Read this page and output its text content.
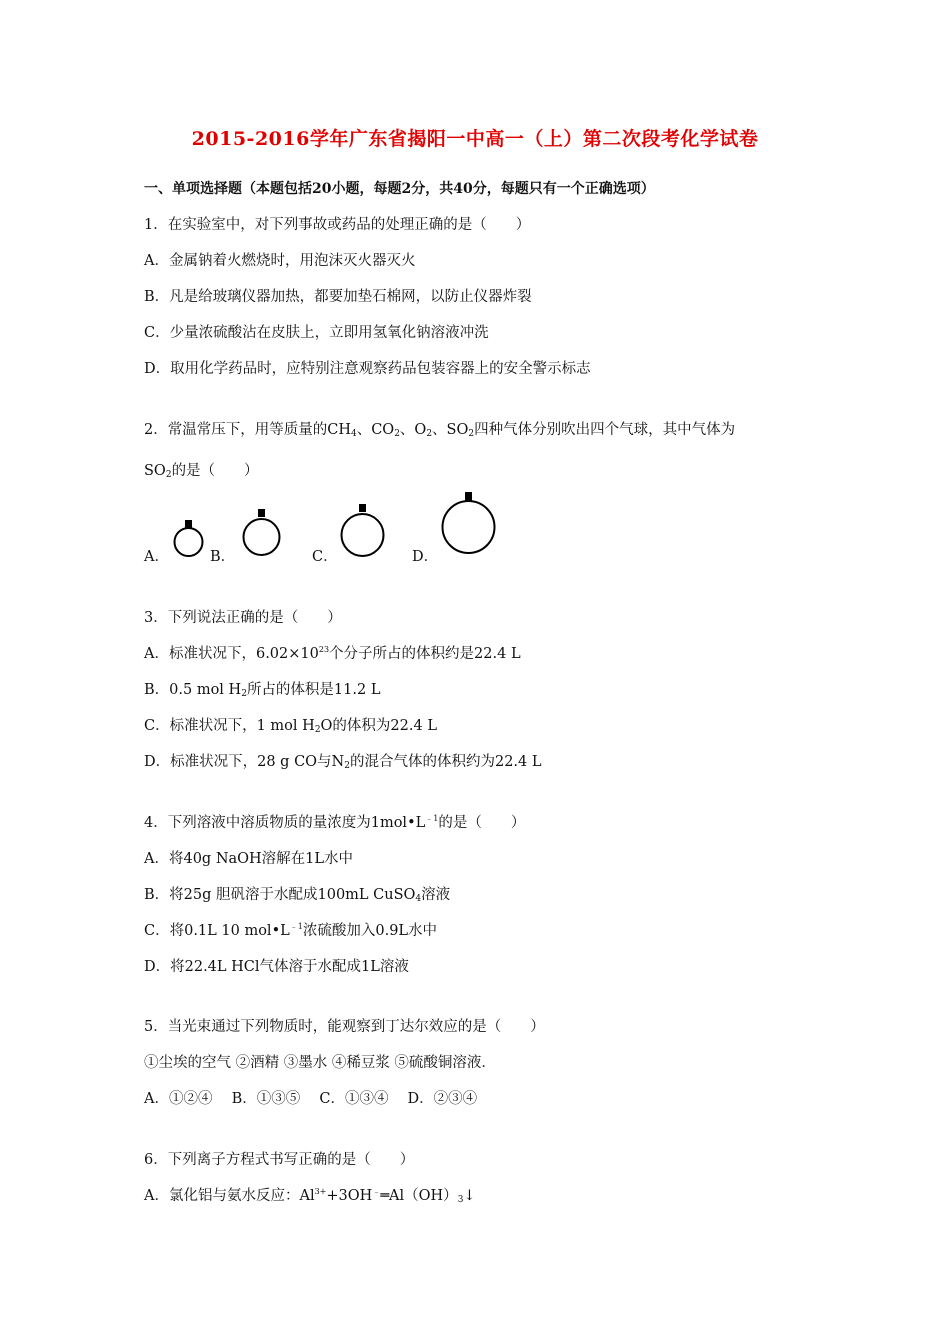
2015-2016学年广东省揭阳一中高一（上）第二次段考化学试卷
一、单项选择题（本题包括20小题，每题2分，共40分，每题只有一个正确选项）
1．在实验室中，对下列事故或药品的处理正确的是（　　）
A．金属钠着火燃烧时，用泡沫灭火器灭火
B．凡是给玻璃仪器加热，都要加垫石棉网，以防止仪器炸裂
C．少量浓硫酸沾在皮肤上，立即用氢氧化钠溶液冲洗
D．取用化学药品时，应特别注意观察药品包装容器上的安全警示标志
2．常温常压下，用等质量的$CH_4$、$CO_2$、$O_2$、$SO_2$四种气体分别吹出四个气球，其中气体为
$SO_2$的是（　　）
A．	B．	C．	D．
3．下列说法正确的是（　　）
A．标准状况下，$6.02\times 10^{23}$个分子所占的体积约是22.4 L
B．0.5 mol $H_2$所占的体积是11.2 L
C．标准状况下，1 mol $H_2O$的体积为22.4 L
D．标准状况下，28 g CO与$N_2$的混合气体的体积约为22.4 L
4．下列溶液中溶质物质的量浓度为$1mol•L^{﹣1}$的是（　　）
A．将40g NaOH溶解在1L水中
B．将25g 胆矾溶于水配成100mL CuSO$_4$溶液
C．将0.1L 10 $mol•L^{﹣1}$浓硫酸加入0.9L水中
D．将22.4L HCl气体溶于水配成1L溶液
5．当光束通过下列物质时，能观察到丁达尔效应的是（　　）
①尘埃的空气 ②酒精 ③墨水 ④稀豆浆 ⑤硫酸铜溶液．
A．①②④　 B．①③⑤　 C．①③④　 D．②③④
6．下列离子方程式书写正确的是（　　）
A．氯化铝与氨水反应：$Al^{3+}+3OH^﹣═Al(OH)_3↓$
